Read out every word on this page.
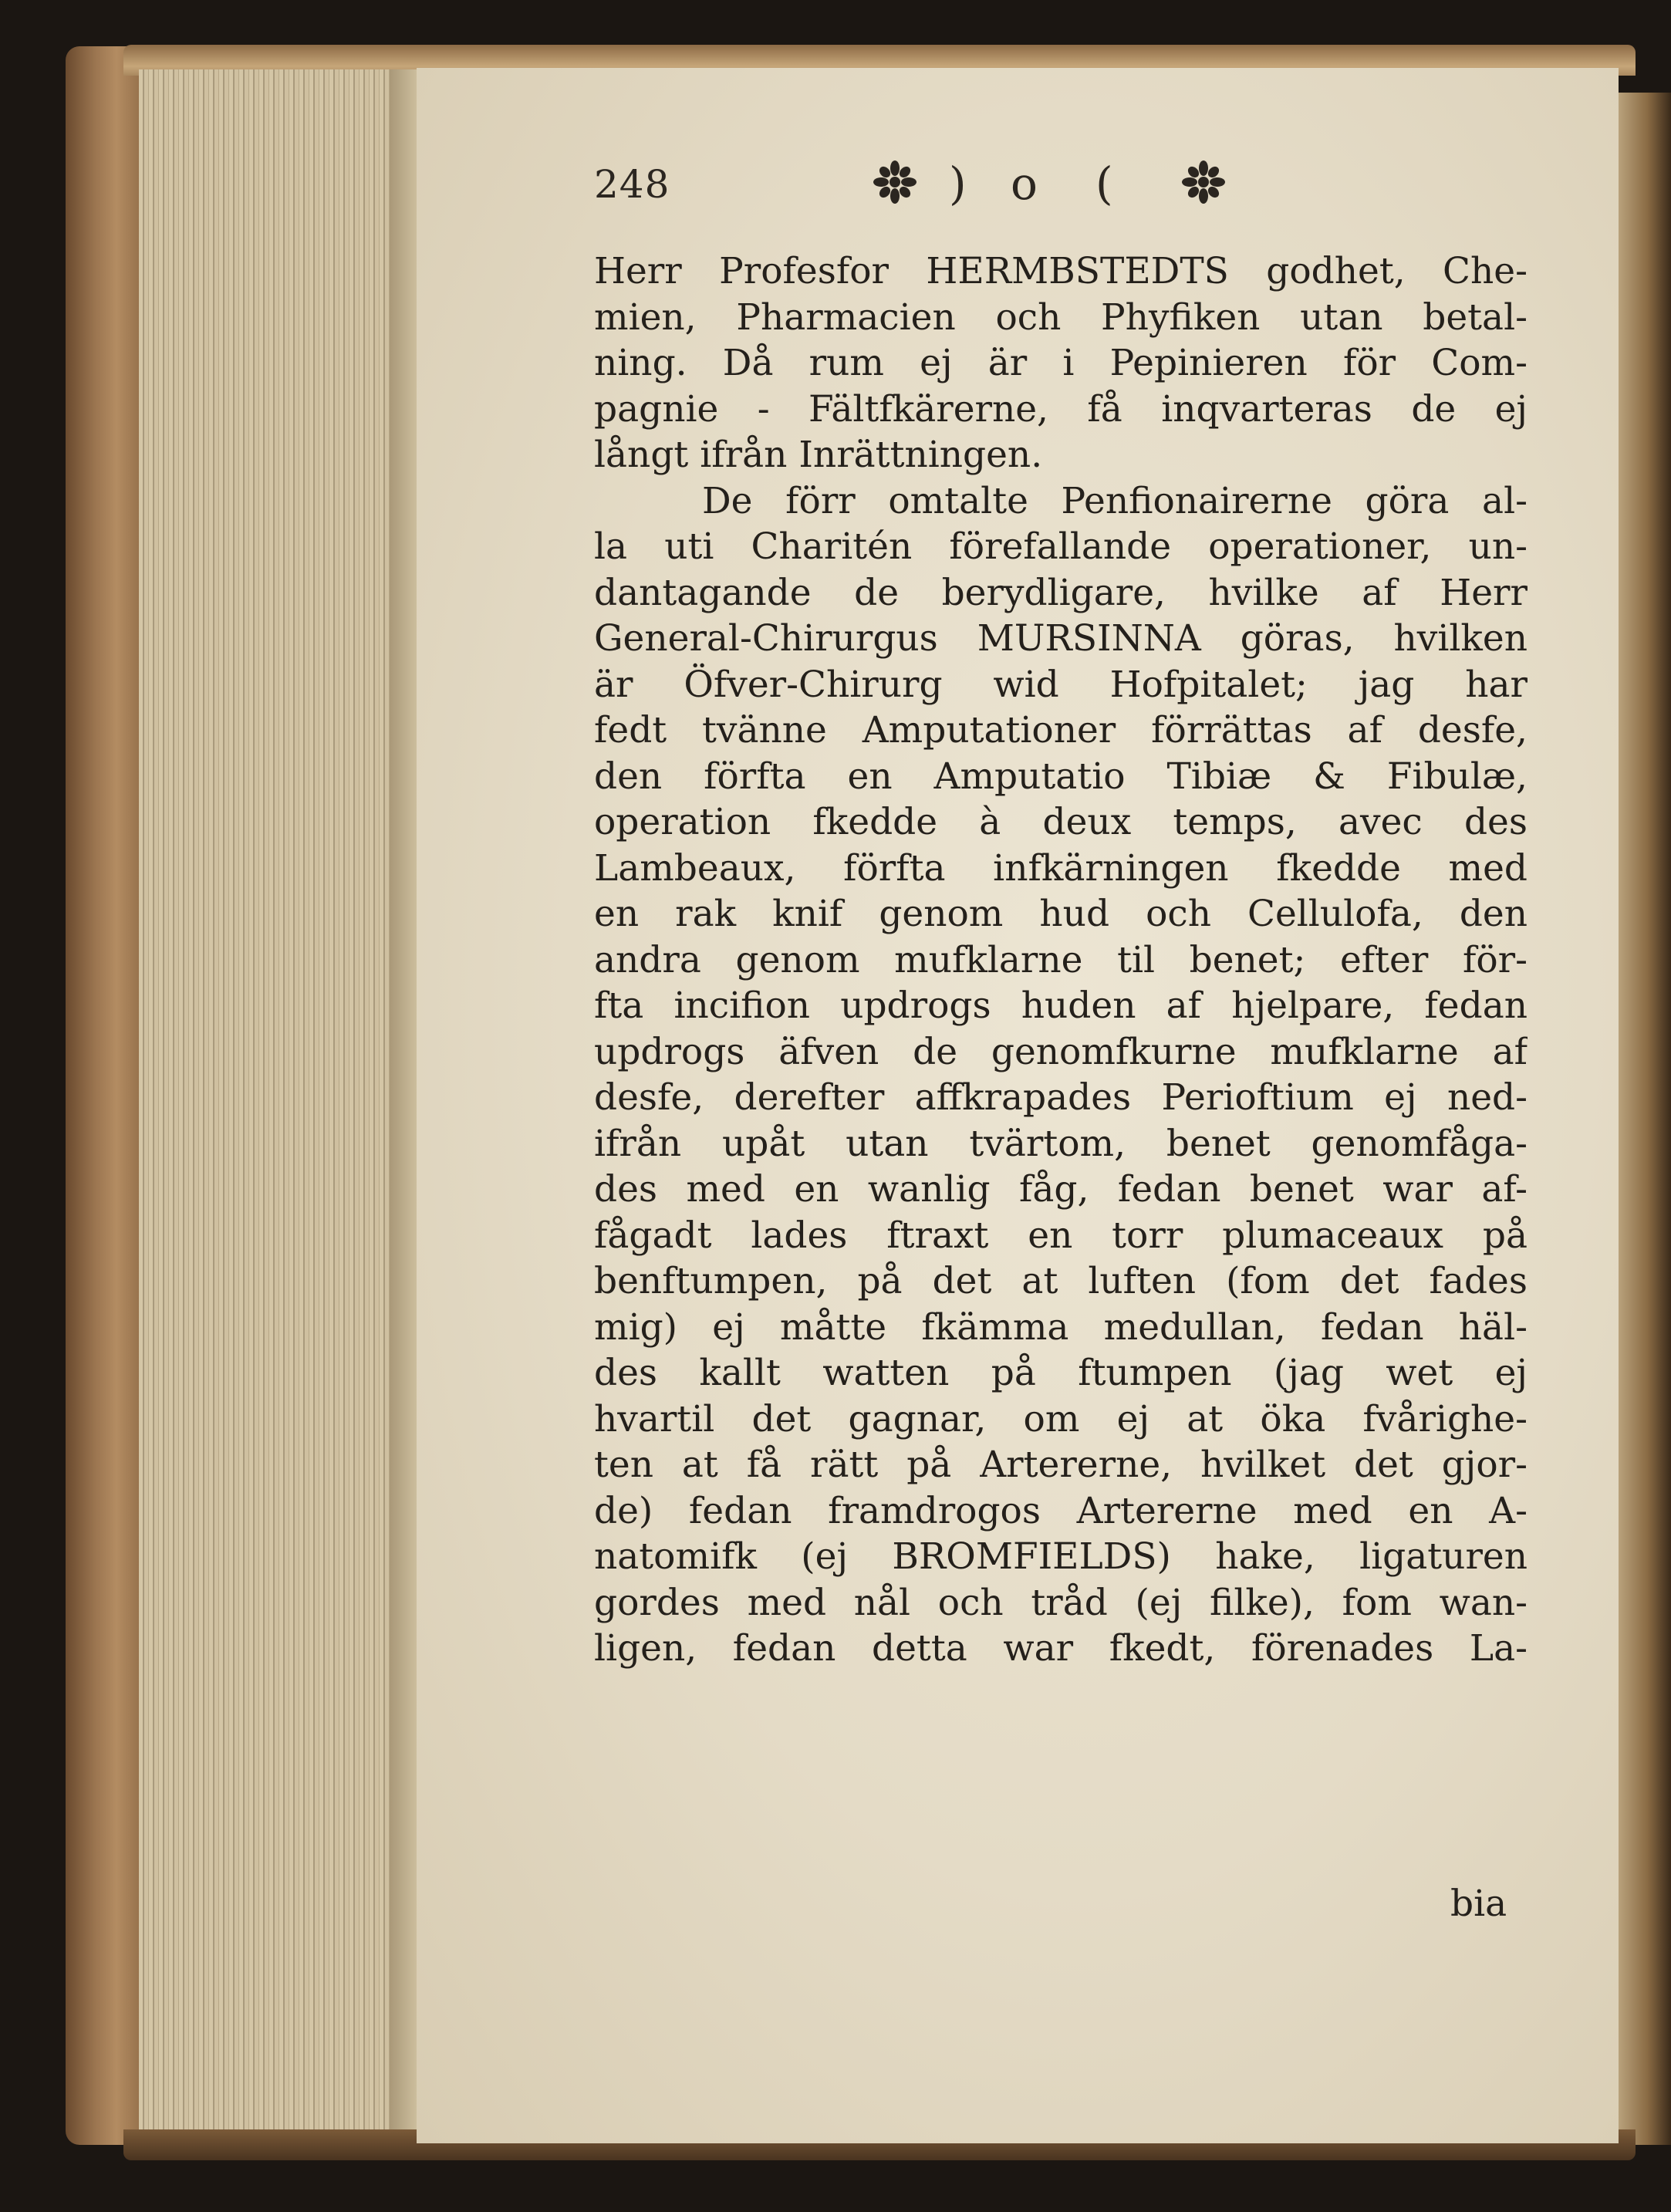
248	) o (
Herr Profesfor HERMBSTEDTS godhet, Che-
mien, Pharmacien och Phyfiken utan betal-
ning. Då rum ej är i Pepinieren för Com-
pagnie - Fältfkärerne, få inqvarteras de ej
långt ifrån Inrättningen.
De förr omtalte Penfionairerne göra al-
la uti Charitén förefallande operationer, un-
dantagande de berydligare, hvilke af Herr
General-Chirurgus MURSINNA göras, hvilken
är Öfver-Chirurg wid Hofpitalet; jag har
fedt tvänne Amputationer förrättas af desfe,
den förfta en Amputatio Tibiæ & Fibulæ,
operation fkedde à deux temps, avec des
Lambeaux, förfta infkärningen fkedde med
en rak knif genom hud och Cellulofa, den
andra genom mufklarne til benet; efter för-
fta incifion updrogs huden af hjelpare, fedan
updrogs äfven de genomfkurne mufklarne af
desfe, derefter affkrapades Perioftium ej ned-
ifrån upåt utan tvärtom, benet genomfåga-
des med en wanlig fåg, fedan benet war af-
fågadt lades ftraxt en torr plumaceaux på
benftumpen, på det at luften (fom det fades
mig) ej måtte fkämma medullan, fedan häl-
des kallt watten på ftumpen (jag wet ej
hvartil det gagnar, om ej at öka fvårighe-
ten at få rätt på Artererne, hvilket det gjor-
de) fedan framdrogos Artererne med en A-
natomifk (ej BROMFIELDS) hake, ligaturen
gordes med nål och tråd (ej filke), fom wan-
ligen, fedan detta war fkedt, förenades La-
bia
